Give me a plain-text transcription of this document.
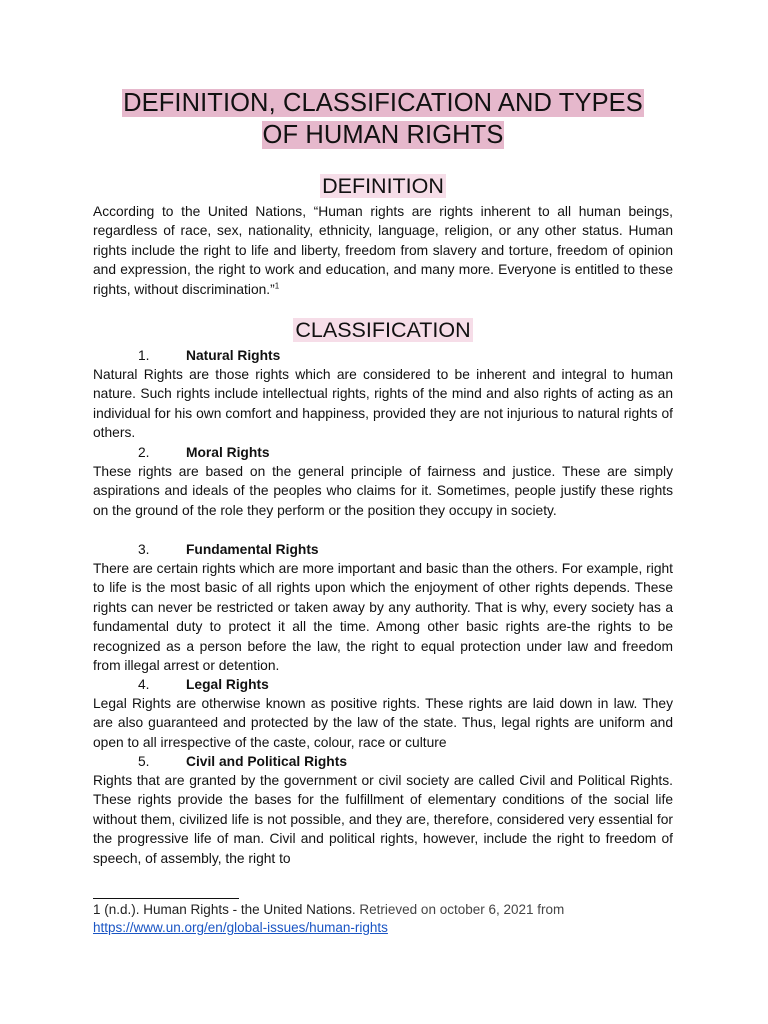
DEFINITION, CLASSIFICATION AND TYPES
OF HUMAN RIGHTS
DEFINITION

According to the United Nations, “Human rights are rights inherent to all human beings, regardless of race, sex, nationality, ethnicity, language, religion, or any other status. Human rights include the right to life and liberty, freedom from slavery and torture, freedom of opinion and expression, the right to work and education, and many more. Everyone is entitled to these rights, without discrimination.”$^1$

CLASSIFICATION
1.	Natural Rights

Natural Rights are those rights which are considered to be inherent and integral to human nature. Such rights include intellectual rights, rights of the mind and also rights of acting as an individual for his own comfort and happiness, provided they are not injurious to natural rights of others.

2.	Moral Rights

These rights are based on the general principle of fairness and justice. These are simply aspirations and ideals of the peoples who claims for it. Sometimes, people justify these rights on the ground of the role they perform or the position they occupy in society.

3.	Fundamental Rights

There are certain rights which are more important and basic than the others. For example, right to life is the most basic of all rights upon which the enjoyment of other rights depends. These rights can never be restricted or taken away by any authority. That is why, every society has a fundamental duty to protect it all the time. Among other basic rights are-the rights to be recognized as a person before the law, the right to equal protection under law and freedom from illegal arrest or detention.

4.	Legal Rights

Legal Rights are otherwise known as positive rights. These rights are laid down in law. They are also guaranteed and protected by the law of the state. Thus, legal rights are uniform and open to all irrespective of the caste, colour, race or culture

5.	Civil and Political Rights

Rights that are granted by the government or civil society are called Civil and Political Rights. These rights provide the bases for the fulfillment of elementary conditions of the social life without them, civilized life is not possible, and they are, therefore, considered very essential for the progressive life of man. Civil and political rights, however, include the right to freedom of speech, of assembly, the right to

1 (n.d.). Human Rights - the United Nations. Retrieved on october 6, 2021 from
https://www.un.org/en/global-issues/human-rights
